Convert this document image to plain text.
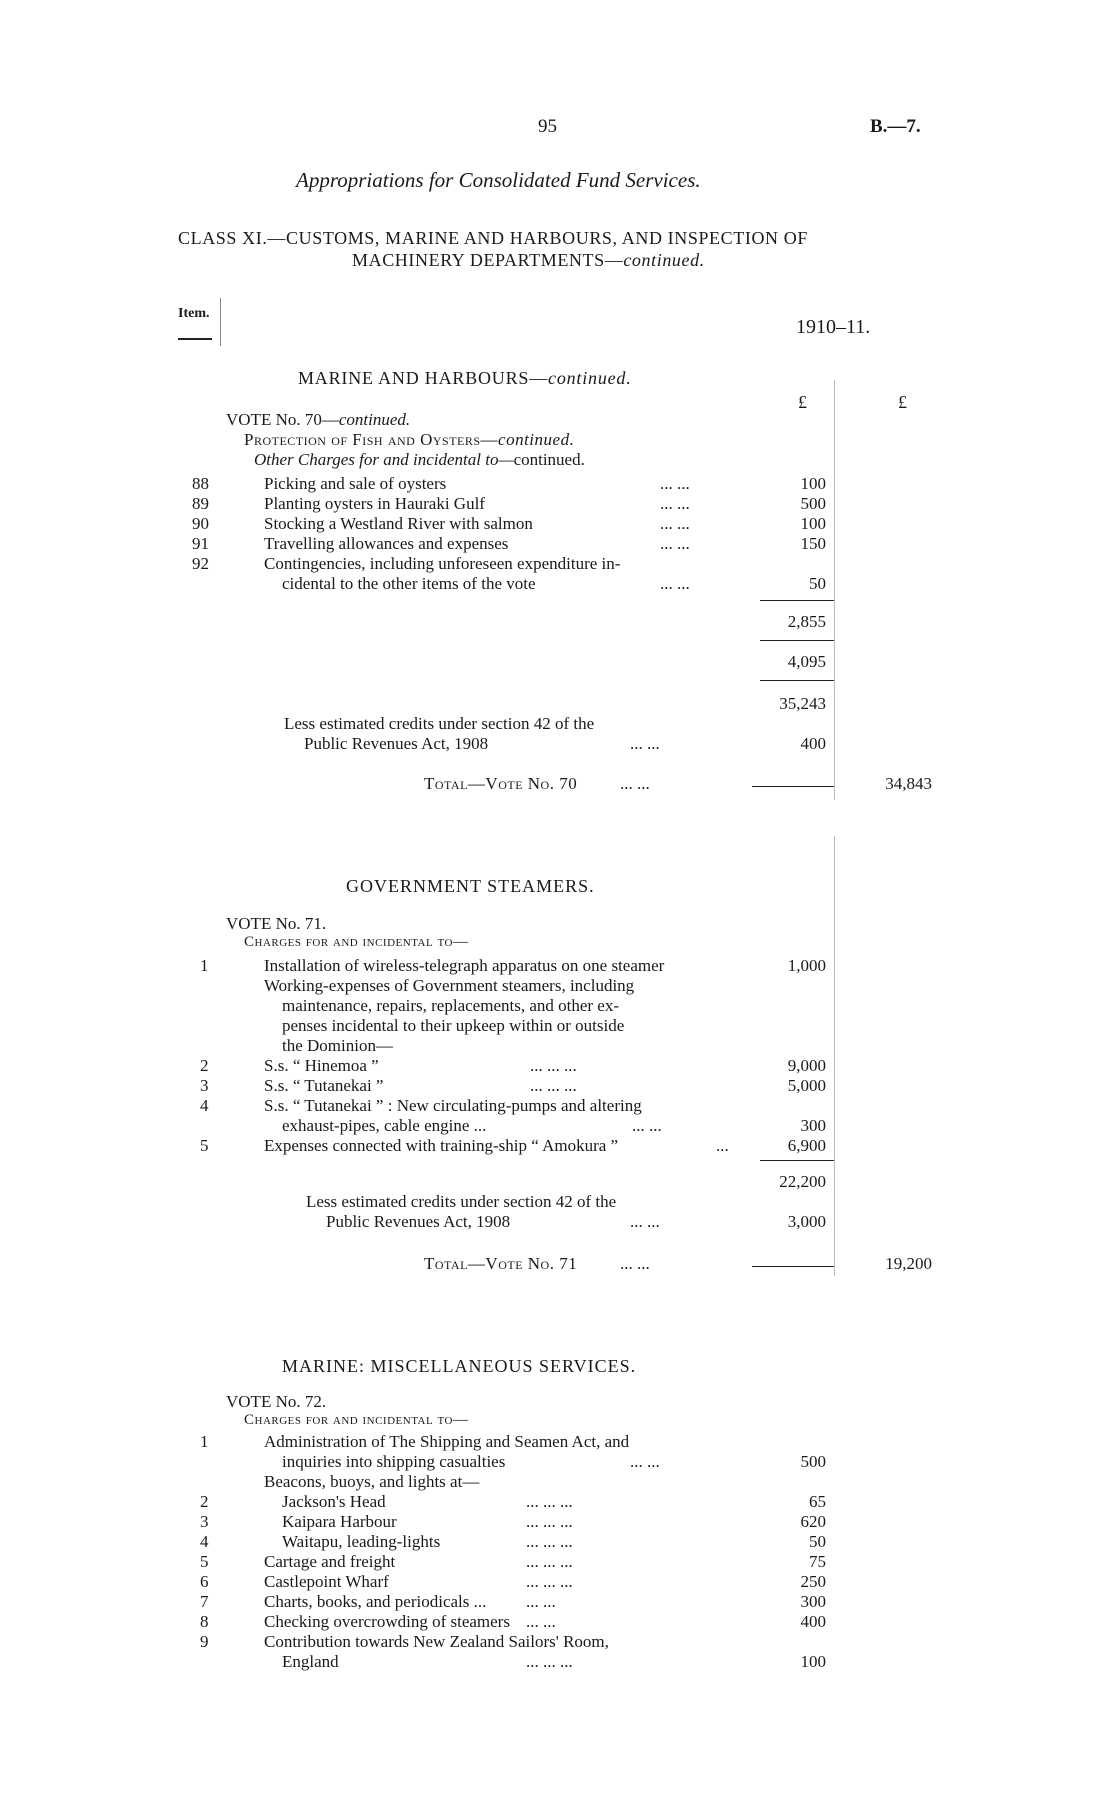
95	B.—7.
Appropriations for Consolidated Fund Services.
CLASS XI.—CUSTOMS, MARINE AND HARBOURS, AND INSPECTION OF
MACHINERY DEPARTMENTS—continued.
Item.
1910–11.
MARINE AND HARBOURS—continued.
£	£
VOTE No. 70—continued.
Protection of Fish and Oysters—continued.
Other Charges for and incidental to—continued.
88	Picking and sale of oysters	... ...	100
89	Planting oysters in Hauraki Gulf	... ...	500
90	Stocking a Westland River with salmon	... ...	100
91	Travelling allowances and expenses	... ...	150
92	Contingencies, including unforeseen expenditure in-
cidental to the other items of the vote	... ...	50
2,855
4,095
35,243
Less estimated credits under section 42 of the
Public Revenues Act, 1908	... ...	400
Total—Vote No. 70	... ...	34,843
GOVERNMENT STEAMERS.
VOTE No. 71.
Charges for and incidental to—
1	Installation of wireless-telegraph apparatus on one steamer	1,000
Working-expenses of Government steamers, including
maintenance, repairs, replacements, and other ex-
penses incidental to their upkeep within or outside
the Dominion—
2	S.s. “ Hinemoa ”	... ... ...	9,000
3	S.s. “ Tutanekai ”	... ... ...	5,000
4	S.s. “ Tutanekai ” : New circulating-pumps and altering
exhaust-pipes, cable engine ...	... ...	300
5	Expenses connected with training-ship “ Amokura ”	...	6,900
22,200
Less estimated credits under section 42 of the
Public Revenues Act, 1908	... ...	3,000
Total—Vote No. 71	... ...	19,200
MARINE: MISCELLANEOUS SERVICES.
VOTE No. 72.
Charges for and incidental to—
1	Administration of The Shipping and Seamen Act, and
inquiries into shipping casualties	... ...	500
Beacons, buoys, and lights at—
2	Jackson's Head	... ... ...	65
3	Kaipara Harbour	... ... ...	620
4	Waitapu, leading-lights	... ... ...	50
5	Cartage and freight	... ... ...	75
6	Castlepoint Wharf	... ... ...	250
7	Charts, books, and periodicals ... ... ...	300
8	Checking overcrowding of steamers ... ...	400
9	Contribution towards New Zealand Sailors' Room,
England	... ... ...	100
